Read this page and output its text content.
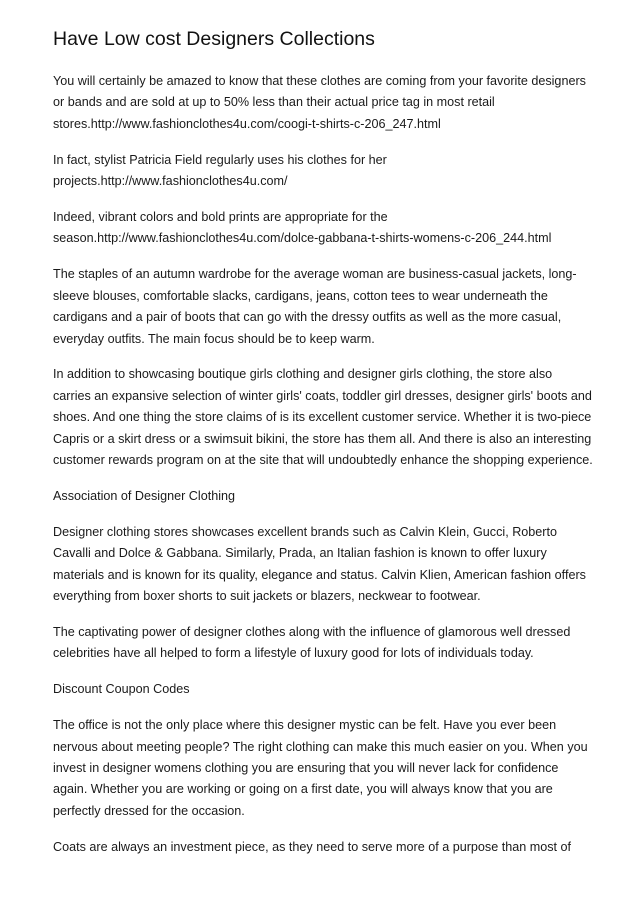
Have Low cost Designers Collections

You will certainly be amazed to know that these clothes are coming from your favorite designers or bands and are sold at up to 50% less than their actual price tag in most retail stores.http://www.fashionclothes4u.com/coogi-t-shirts-c-206_247.html

In fact, stylist Patricia Field regularly uses his clothes for her projects.http://www.fashionclothes4u.com/

Indeed, vibrant colors and bold prints are appropriate for the season.http://www.fashionclothes4u.com/dolce-gabbana-t-shirts-womens-c-206_244.html

The staples of an autumn wardrobe for the average woman are business-casual jackets, long-sleeve blouses, comfortable slacks, cardigans, jeans, cotton tees to wear underneath the cardigans and a pair of boots that can go with the dressy outfits as well as the more casual, everyday outfits. The main focus should be to keep warm.

In addition to showcasing boutique girls clothing and designer girls clothing, the store also carries an expansive selection of winter girls' coats, toddler girl dresses, designer girls' boots and shoes. And one thing the store claims of is its excellent customer service. Whether it is two-piece Capris or a skirt dress or a swimsuit bikini, the store has them all. And there is also an interesting customer rewards program on at the site that will undoubtedly enhance the shopping experience.

Association of Designer Clothing

Designer clothing stores showcases excellent brands such as Calvin Klein, Gucci, Roberto Cavalli and Dolce & Gabbana. Similarly, Prada, an Italian fashion is known to offer luxury materials and is known for its quality, elegance and status. Calvin Klien, American fashion offers everything from boxer shorts to suit jackets or blazers, neckwear to footwear.

The captivating power of designer clothes along with the influence of glamorous well dressed celebrities have all helped to form a lifestyle of luxury good for lots of individuals today.

Discount Coupon Codes

The office is not the only place where this designer mystic can be felt. Have you ever been nervous about meeting people? The right clothing can make this much easier on you. When you invest in designer womens clothing you are ensuring that you will never lack for confidence again. Whether you are working or going on a first date, you will always know that you are perfectly dressed for the occasion.

Coats are always an investment piece, as they need to serve more of a purpose than most of
